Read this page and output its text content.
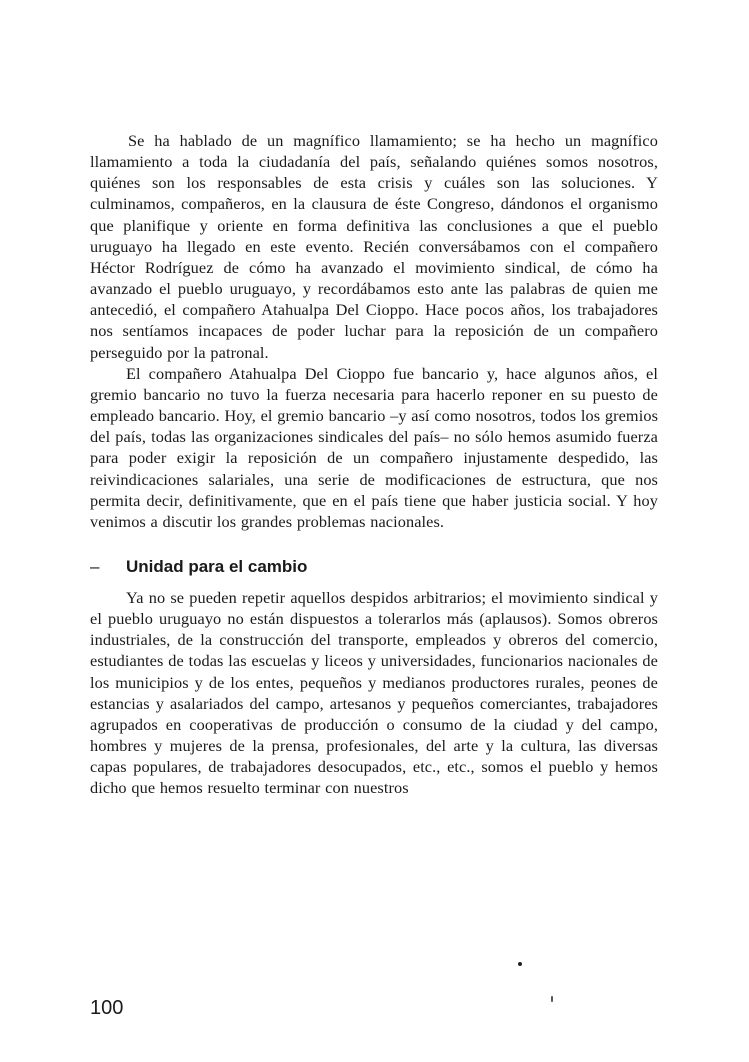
Se ha hablado de un magnífico llamamiento; se ha hecho un magnífico llamamiento a toda la ciudadanía del país, señalando quiénes somos nosotros, quiénes son los responsables de esta crisis y cuáles son las soluciones. Y culminamos, compañeros, en la clausura de éste Congreso, dándonos el organismo que planifique y oriente en forma definitiva las conclusiones a que el pueblo uruguayo ha llegado en este evento. Recién conversábamos con el compañero Héctor Rodríguez de cómo ha avanzado el movimiento sindical, de cómo ha avanzado el pueblo uruguayo, y recordábamos esto ante las palabras de quien me antecedió, el compañero Atahualpa Del Cioppo. Hace pocos años, los trabajadores nos sentíamos incapaces de poder luchar para la reposición de un compañero perseguido por la patronal.

El compañero Atahualpa Del Cioppo fue bancario y, hace algunos años, el gremio bancario no tuvo la fuerza necesaria para hacerlo reponer en su puesto de empleado bancario. Hoy, el gremio bancario –y así como nosotros, todos los gremios del país, todas las organizaciones sindicales del país– no sólo hemos asumido fuerza para poder exigir la reposición de un compañero injustamente despedido, las reivindicaciones salariales, una serie de modificaciones de estructura, que nos permita decir, definitivamente, que en el país tiene que haber justicia social. Y hoy venimos a discutir los grandes problemas nacionales.

– Unidad para el cambio

Ya no se pueden repetir aquellos despidos arbitrarios; el movimiento sindical y el pueblo uruguayo no están dispuestos a tolerarlos más (aplausos). Somos obreros industriales, de la construcción del transporte, empleados y obreros del comercio, estudiantes de todas las escuelas y liceos y universidades, funcionarios nacionales de los municipios y de los entes, pequeños y medianos productores rurales, peones de estancias y asalariados del campo, artesanos y pequeños comerciantes, trabajadores agrupados en cooperativas de producción o consumo de la ciudad y del campo, hombres y mujeres de la prensa, profesionales, del arte y la cultura, las diversas capas populares, de trabajadores desocupados, etc., etc., somos el pueblo y hemos dicho que hemos resuelto terminar con nuestros

100
